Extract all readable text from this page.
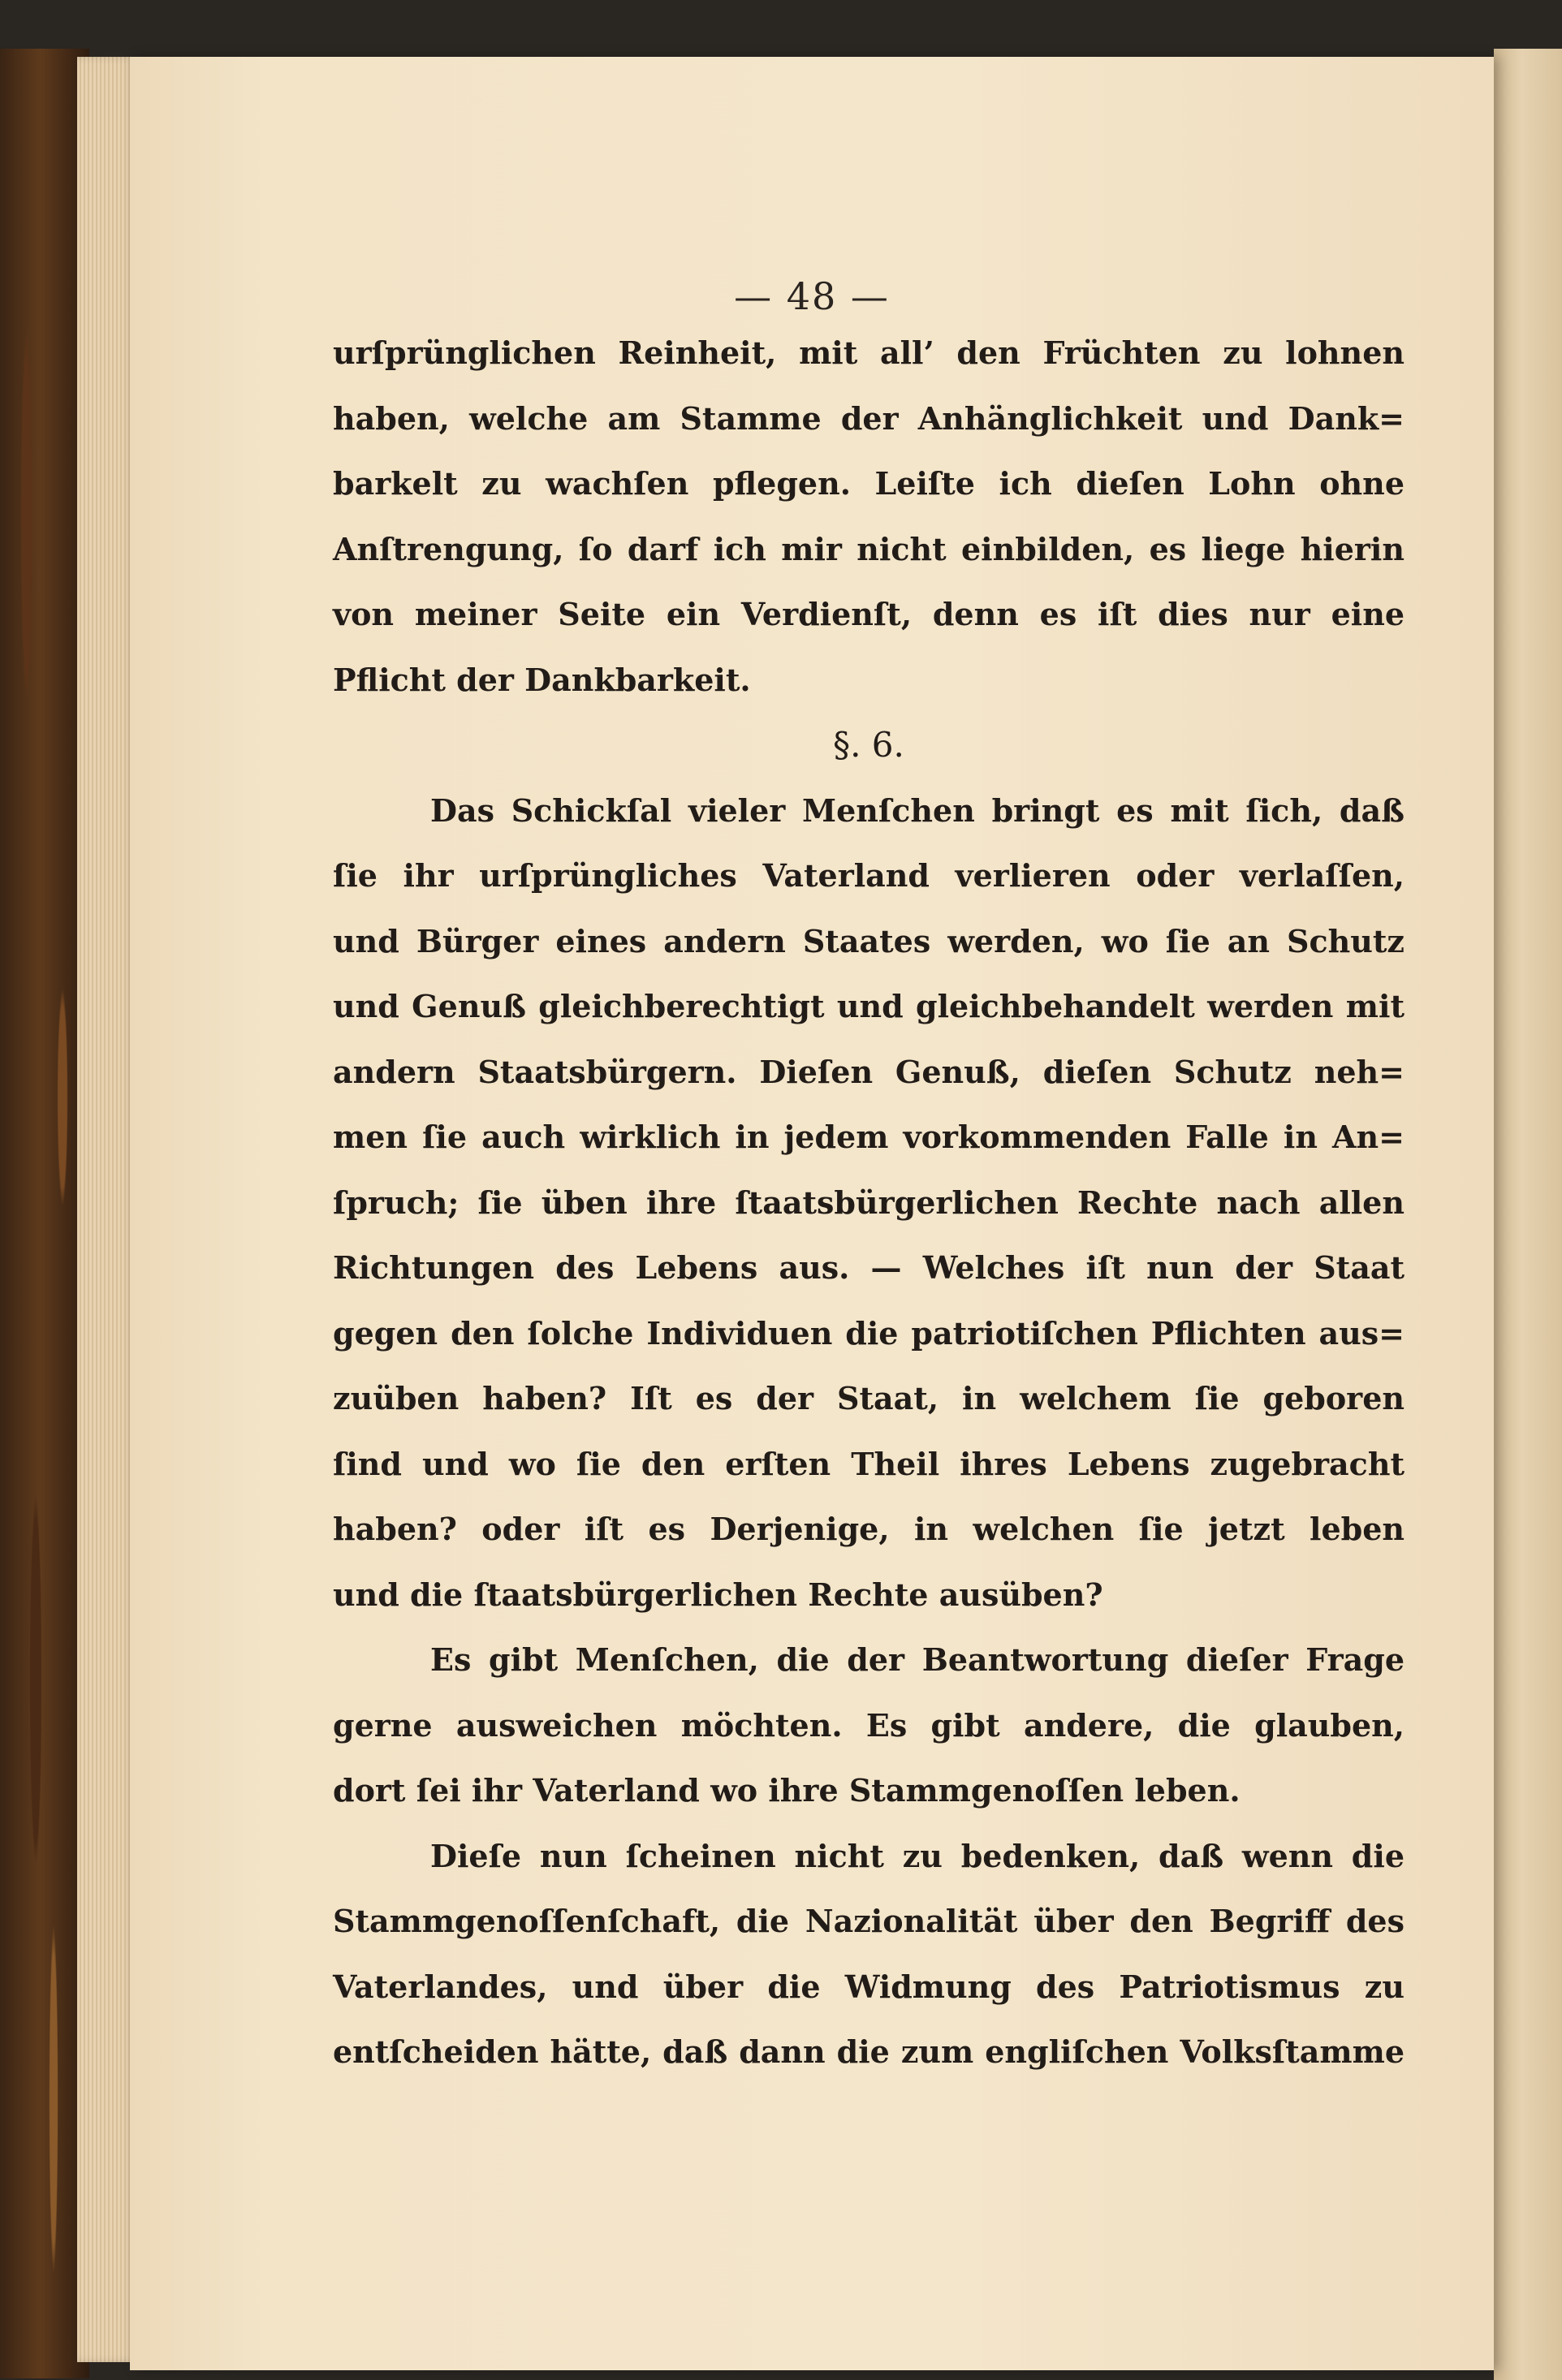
— 48 —
urſprünglichen Reinheit, mit all’ den Früchten zu lohnen
haben, welche am Stamme der Anhänglichkeit und Dank=
barkelt zu wachſen pflegen. Leiſte ich dieſen Lohn ohne
Anſtrengung, ſo darf ich mir nicht einbilden, es liege hierin
von meiner Seite ein Verdienſt, denn es iſt dies nur eine
Pflicht der Dankbarkeit.
§. 6.
Das Schickſal vieler Menſchen bringt es mit ſich, daß
ſie ihr urſprüngliches Vaterland verlieren oder verlaſſen,
und Bürger eines andern Staates werden, wo ſie an Schutz
und Genuß gleichberechtigt und gleichbehandelt werden mit
andern Staatsbürgern. Dieſen Genuß, dieſen Schutz neh=
men ſie auch wirklich in jedem vorkommenden Falle in An=
ſpruch; ſie üben ihre ſtaatsbürgerlichen Rechte nach allen
Richtungen des Lebens aus. — Welches iſt nun der Staat
gegen den ſolche Individuen die patriotiſchen Pflichten aus=
zuüben haben? Iſt es der Staat, in welchem ſie geboren
ſind und wo ſie den erſten Theil ihres Lebens zugebracht
haben? oder iſt es Derjenige, in welchen ſie jetzt leben
und die ſtaatsbürgerlichen Rechte ausüben?
Es gibt Menſchen, die der Beantwortung dieſer Frage
gerne ausweichen möchten. Es gibt andere, die glauben,
dort ſei ihr Vaterland wo ihre Stammgenoſſen leben.
Dieſe nun ſcheinen nicht zu bedenken, daß wenn die
Stammgenoſſenſchaft, die Nazionalität über den Begriff des
Vaterlandes, und über die Widmung des Patriotismus zu
entſcheiden hätte, daß dann die zum engliſchen Volksſtamme
